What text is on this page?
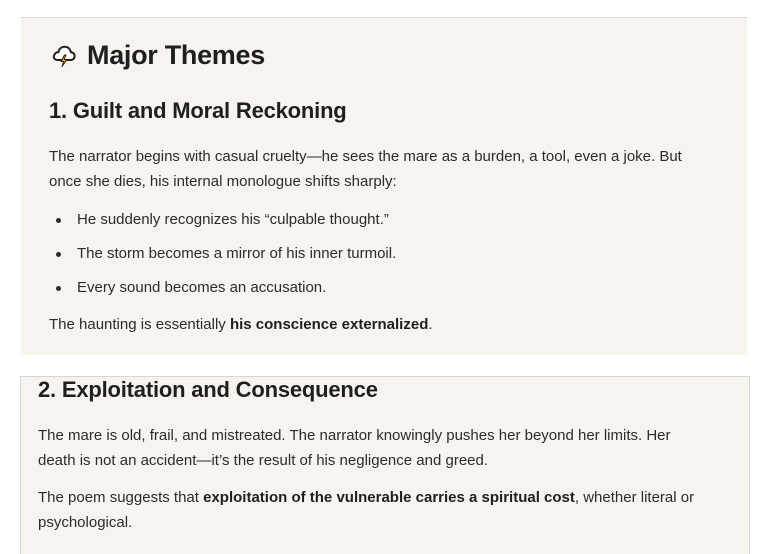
Major Themes
1. Guilt and Moral Reckoning
The narrator begins with casual cruelty—he sees the mare as a burden, a tool, even a joke. But
once she dies, his internal monologue shifts sharply:
He suddenly recognizes his “culpable thought.”
The storm becomes a mirror of his inner turmoil.
Every sound becomes an accusation.
The haunting is essentially his conscience externalized.
2. Exploitation and Consequence
The mare is old, frail, and mistreated. The narrator knowingly pushes her beyond her limits. Her
death is not an accident—it’s the result of his negligence and greed.
The poem suggests that exploitation of the vulnerable carries a spiritual cost, whether literal or
psychological.
